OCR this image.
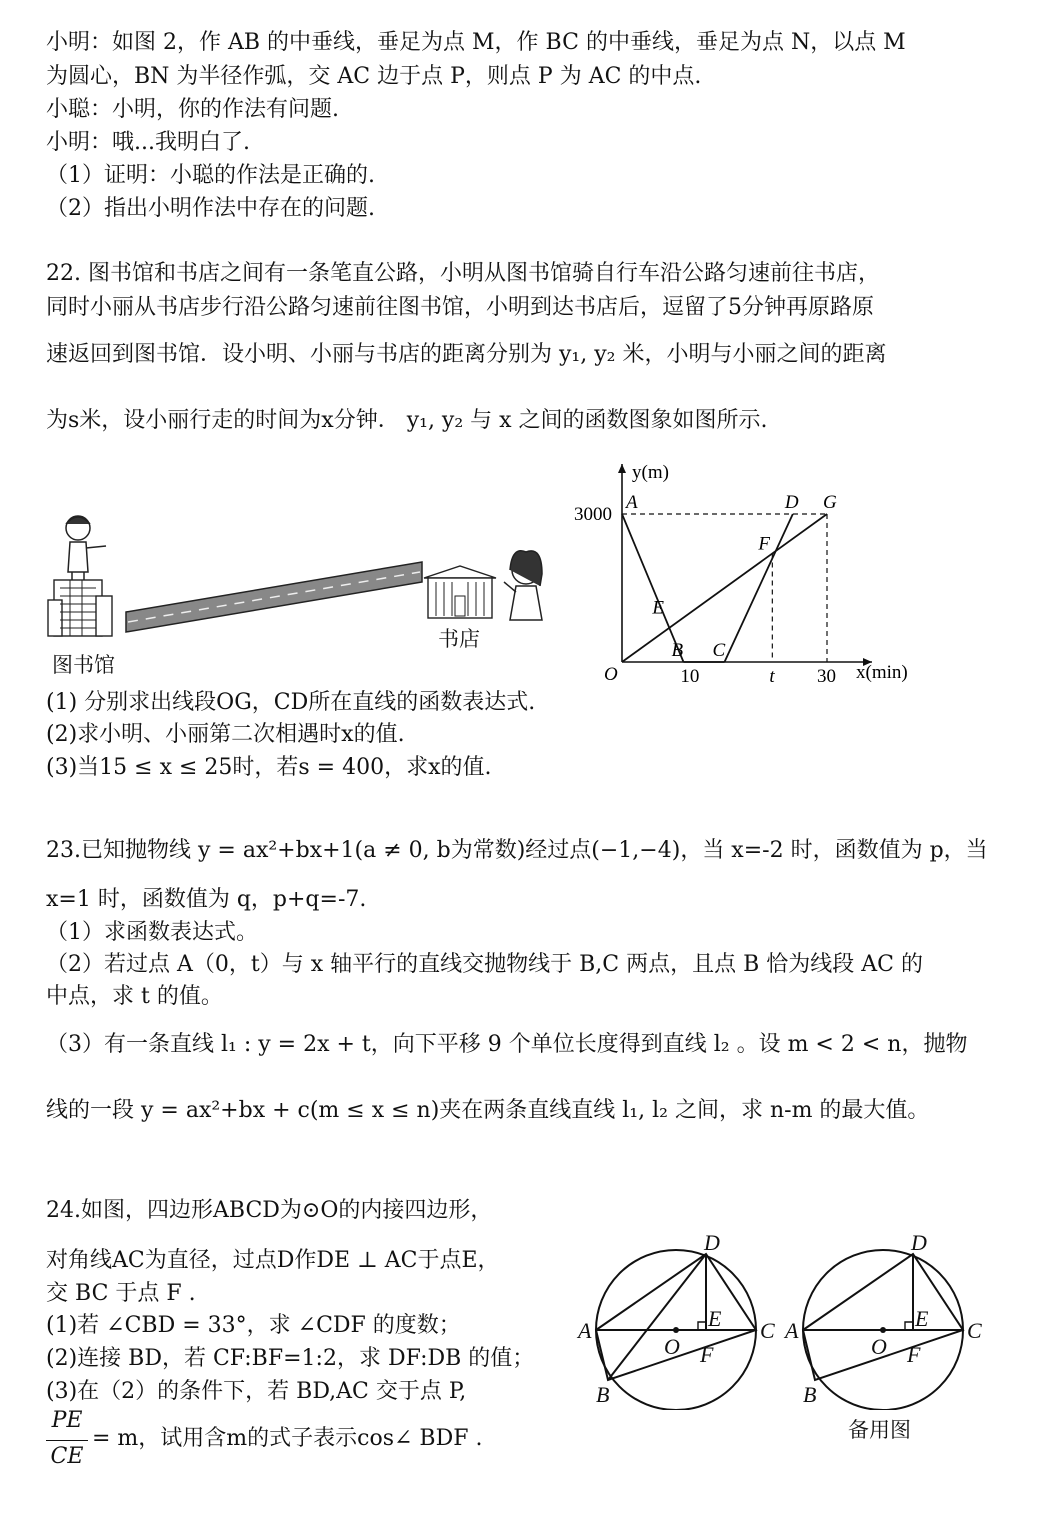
小明：如图 2，作 AB 的中垂线，垂足为点 M，作 BC 的中垂线，垂足为点 N，以点 M
为圆心，BN 为半径作弧，交 AC 边于点 P，则点 P 为 AC 的中点.
小聪：小明，你的作法有问题.
小明：哦...我明白了.
（1）证明：小聪的作法是正确的.
（2）指出小明作法中存在的问题.
22. 图书馆和书店之间有一条笔直公路，小明从图书馆骑自行车沿公路匀速前往书店，
同时小丽从书店步行沿公路匀速前往图书馆，小明到达书店后，逗留了5分钟再原路原
速返回到图书馆．设小明、小丽与书店的距离分别为 y₁, y₂ 米，小明与小丽之间的距离
为s米，设小丽行走的时间为x分钟． y₁, y₂ 与 x 之间的函数图象如图所示.
图书馆
书店
y(m)
x(min)
A
B C
D
E
F
G
O	10	t 30
3000
(1) 分别求出线段OG，CD所在直线的函数表达式.
(2)求小明、小丽第二次相遇时x的值.
(3)当15 ≤ x ≤ 25时，若s = 400，求x的值.
23.已知抛物线 y = ax²+bx+1(a ≠ 0, b为常数)经过点(−1,−4)，当 x=-2 时，函数值为 p，当
x=1 时，函数值为 q，p+q=-7.
（1）求函数表达式。
（2）若过点 A（0，t）与 x 轴平行的直线交抛物线于 B,C 两点，且点 B 恰为线段 AC 的
中点，求 t 的值。
（3）有一条直线 l₁ : y = 2x + t，向下平移 9 个单位长度得到直线 l₂ 。设 m < 2 < n，抛物
线的一段 y = ax²+bx + c(m ≤ x ≤ n)夹在两条直线直线 l₁, l₂ 之间，求 n-m 的最大值。
24.如图，四边形ABCD为⊙O的内接四边形，
对角线AC为直径，过点D作DE ⊥ AC于点E，
交 BC 于点 F .
(1)若 ∠CBD = 33°，求 ∠CDF 的度数；
(2)连接 BD，若 CF:BF=1:2，求 DF:DB 的值；
(3)在（2）的条件下，若 BD,AC 交于点 P,
PE
CE
= m，试用含m的式子表示cos∠ BDF .
A
B
C
D
E
F
O
A
B
C
D
E
F
O
备用图
